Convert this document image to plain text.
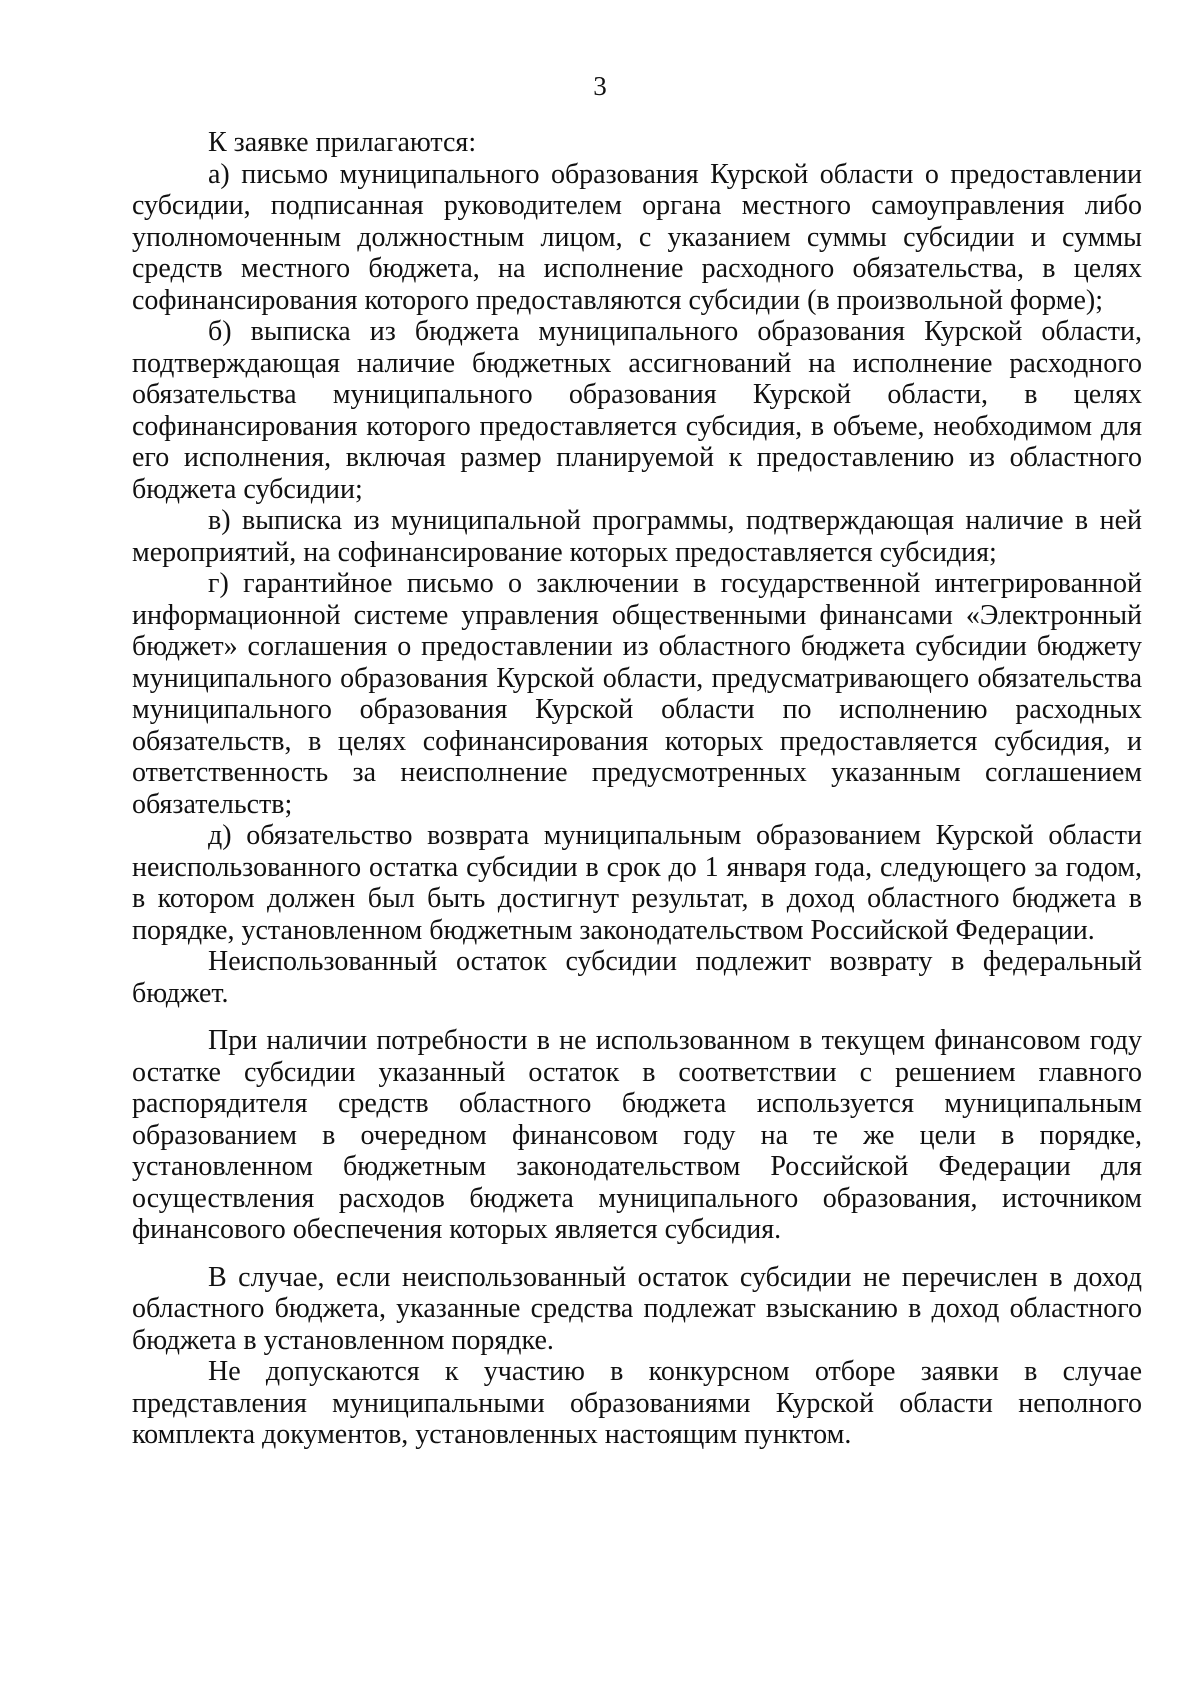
3

К заявке прилагаются:

а) письмо муниципального образования Курской области о предоставлении субсидии, подписанная руководителем органа местного самоуправления либо уполномоченным должностным лицом, с указанием суммы субсидии и суммы средств местного бюджета, на исполнение расходного обязательства, в целях софинансирования которого предоставляются субсидии (в произвольной форме);

б) выписка из бюджета муниципального образования Курской области, подтверждающая наличие бюджетных ассигнований на исполнение расходного обязательства муниципального образования Курской области, в целях софинансирования которого предоставляется субсидия, в объеме, необходимом для его исполнения, включая размер планируемой к предоставлению из областного бюджета субсидии;

в) выписка из муниципальной программы, подтверждающая наличие в ней мероприятий, на софинансирование которых предоставляется субсидия;

г) гарантийное письмо о заключении в государственной интегрированной информационной системе управления общественными финансами «Электронный бюджет» соглашения о предоставлении из областного бюджета субсидии бюджету муниципального образования Курской области, предусматривающего обязательства муниципального образования Курской области по исполнению расходных обязательств, в целях софинансирования которых предоставляется субсидия, и ответственность за неисполнение предусмотренных указанным соглашением обязательств;

д) обязательство возврата муниципальным образованием Курской области неиспользованного остатка субсидии в срок до 1 января года, следующего за годом, в котором должен был быть достигнут результат, в доход областного бюджета в порядке, установленном бюджетным законодательством Российской Федерации.

Неиспользованный остаток субсидии подлежит возврату в федеральный бюджет.

При наличии потребности в не использованном в текущем финансовом году остатке субсидии указанный остаток в соответствии с решением главного распорядителя средств областного бюджета используется муниципальным образованием в очередном финансовом году на те же цели в порядке, установленном бюджетным законодательством Российской Федерации для осуществления расходов бюджета муниципального образования, источником финансового обеспечения которых является субсидия.

В случае, если неиспользованный остаток субсидии не перечислен в доход областного бюджета, указанные средства подлежат взысканию в доход областного бюджета в установленном порядке.

Не допускаются к участию в конкурсном отборе заявки в случае представления муниципальными образованиями Курской области неполного комплекта документов, установленных настоящим пунктом.
